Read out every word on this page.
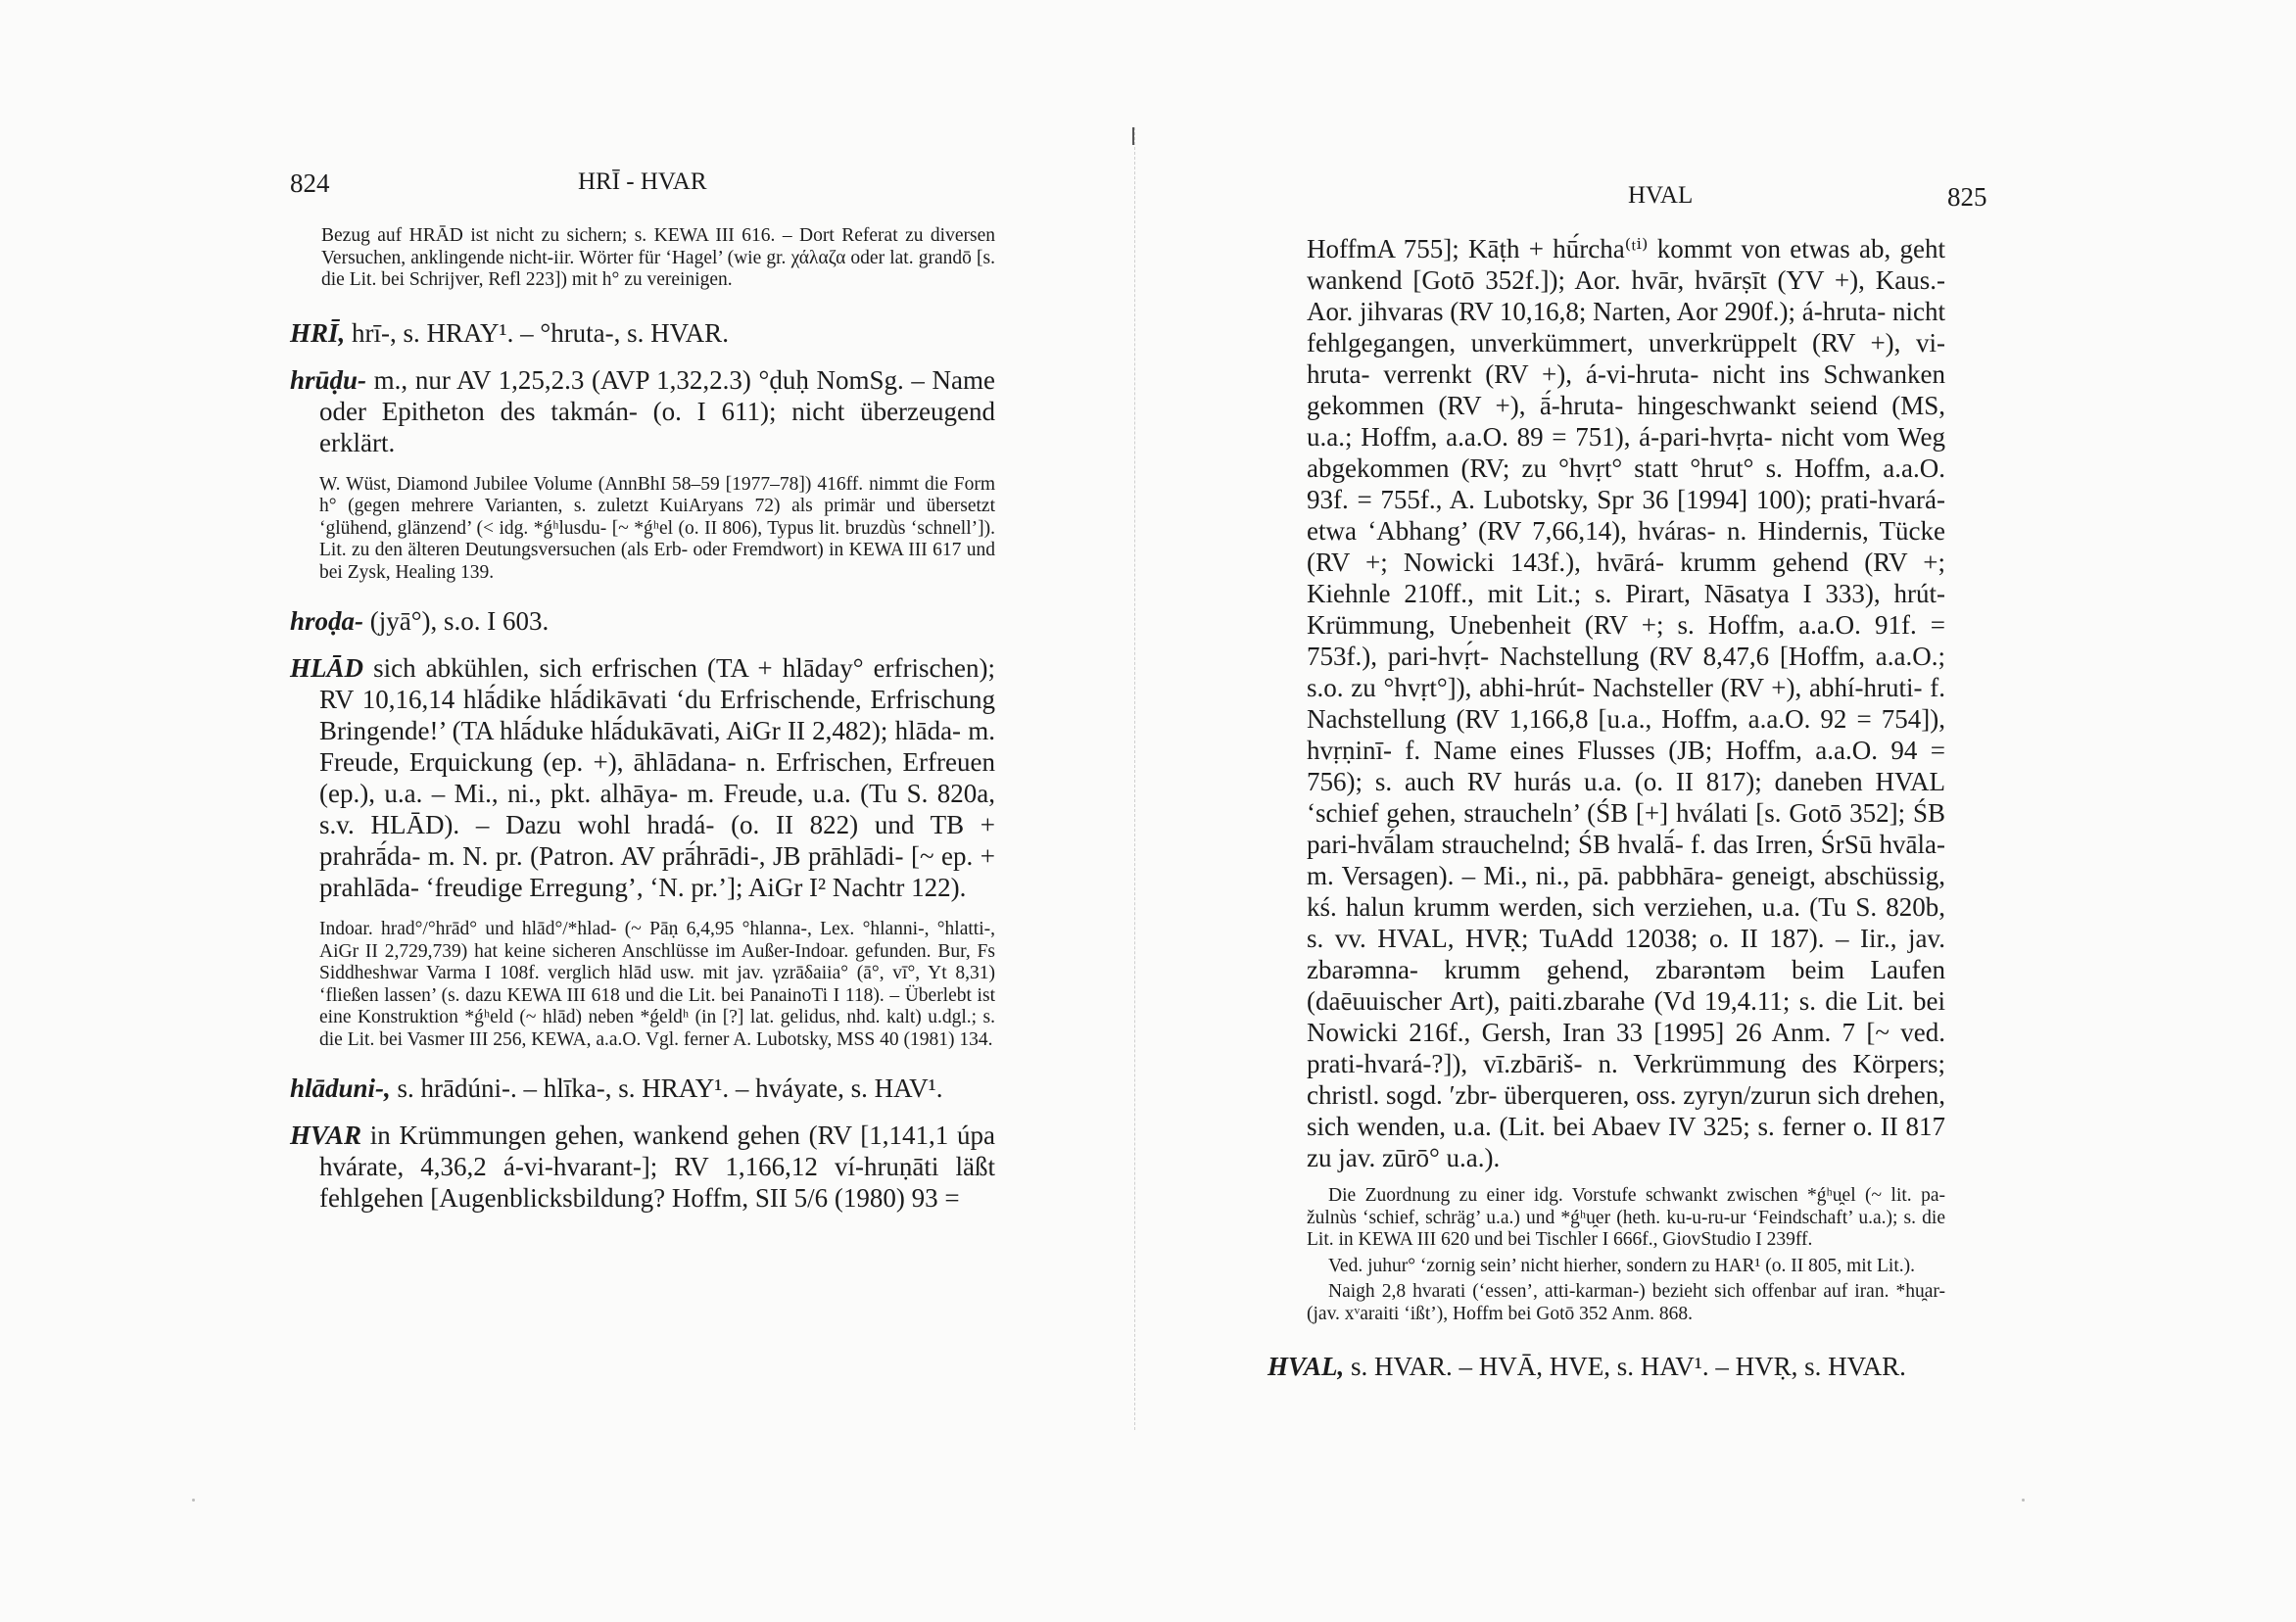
824	HRĪ - HVAR

Bezug auf HRĀD ist nicht zu sichern; s. KEWA III 616. – Dort Referat zu diversen Versuchen, anklingende nicht-iir. Wörter für ‘Hagel’ (wie gr. χάλαζα oder lat. grandō [s. die Lit. bei Schrijver, Refl 223]) mit h° zu vereinigen.

HRĪ, hrī-, s. HRAY¹. – °hruta-, s. HVAR.

hrūḍu- m., nur AV 1,25,2.3 (AVP 1,32,2.3) °ḍuḥ NomSg. – Name oder Epitheton des takmán- (o. I 611); nicht überzeugend erklärt.

W. Wüst, Diamond Jubilee Volume (AnnBhI 58–59 [1977–78]) 416ff. nimmt die Form h° (gegen mehrere Varianten, s. zuletzt KuiAryans 72) als primär und übersetzt ‘glühend, glänzend’ (< idg. *ǵʰlusdu- [~ *ǵʰel (o. II 806), Typus lit. bruzdùs ‘schnell’]). Lit. zu den älteren Deutungsversuchen (als Erb- oder Fremdwort) in KEWA III 617 und bei Zysk, Healing 139.

hroḍa- (jyā°), s.o. I 603.

HLĀD sich abkühlen, sich erfrischen (TA + hlāday° erfrischen); RV 10,16,14 hlā́dike hlā́dikāvati ‘du Erfrischende, Erfrischung Bringende!’ (TA hlā́duke hlā́dukāvati, AiGr II 2,482); hlāda- m. Freude, Erquickung (ep. +), āhlādana- n. Erfrischen, Erfreuen (ep.), u.a. – Mi., ni., pkt. alhāya- m. Freude, u.a. (Tu S. 820a, s.v. HLĀD). – Dazu wohl hradá- (o. II 822) und TB + prahrā́da- m. N. pr. (Patron. AV prā́hrādi-, JB prāhlādi- [~ ep. + prahlāda- ‘freudige Erregung’, ‘N. pr.’]; AiGr I² Nachtr 122).

Indoar. hrad°/°hrād° und hlād°/*hlad- (~ Pāṇ 6,4,95 °hlanna-, Lex. °hlanni-, °hlatti-, AiGr II 2,729,739) hat keine sicheren Anschlüsse im Außer-Indoar. gefunden. Bur, Fs Siddheshwar Varma I 108f. verglich hlād usw. mit jav. γzrāδaiia° (ā°, vī°, Yt 8,31) ‘fließen lassen’ (s. dazu KEWA III 618 und die Lit. bei PanainoTi I 118). – Überlebt ist eine Konstruktion *ǵʰeld (~ hlād) neben *ǵeldʰ (in [?] lat. gelidus, nhd. kalt) u.dgl.; s. die Lit. bei Vasmer III 256, KEWA, a.a.O. Vgl. ferner A. Lubotsky, MSS 40 (1981) 134.

hlāduni-, s. hrādúni-. – hlīka-, s. HRAY¹. – hváyate, s. HAV¹.

HVAR in Krümmungen gehen, wankend gehen (RV [1,141,1 úpa hvárate, 4,36,2 á-vi-hvarant-]; RV 1,166,12 ví-hruṇāti läßt fehlgehen [Augenblicksbildung? Hoffm, SII 5/6 (1980) 93 =

HVAL	825

HoffmA 755]; Kāṭh + hū́rcha⁽ᵗⁱ⁾ kommt von etwas ab, geht wankend [Gotō 352f.]); Aor. hvār, hvārṣīt (YV +), Kaus.-Aor. jihvaras (RV 10,16,8; Narten, Aor 290f.); á-hruta- nicht fehlgegangen, unverkümmert, unverkrüppelt (RV +), vi-hruta- verrenkt (RV +), á-vi-hruta- nicht ins Schwanken gekommen (RV +), ā́-hruta- hingeschwankt seiend (MS, u.a.; Hoffm, a.a.O. 89 = 751), á-pari-hvṛta- nicht vom Weg abgekommen (RV; zu °hvṛt° statt °hrut° s. Hoffm, a.a.O. 93f. = 755f., A. Lubotsky, Spr 36 [1994] 100); prati-hvará- etwa ‘Abhang’ (RV 7,66,14), hváras- n. Hindernis, Tücke (RV +; Nowicki 143f.), hvārá- krumm gehend (RV +; Kiehnle 210ff., mit Lit.; s. Pirart, Nāsatya I 333), hrút- Krümmung, Unebenheit (RV +; s. Hoffm, a.a.O. 91f. = 753f.), pari-hvṛ́t- Nachstellung (RV 8,47,6 [Hoffm, a.a.O.; s.o. zu °hvṛt°]), abhi-hrút- Nachsteller (RV +), abhí-hruti- f. Nachstellung (RV 1,166,8 [u.a., Hoffm, a.a.O. 92 = 754]), hvṛṇinī- f. Name eines Flusses (JB; Hoffm, a.a.O. 94 = 756); s. auch RV hurás u.a. (o. II 817); daneben HVAL ‘schief gehen, straucheln’ (ŚB [+] hválati [s. Gotō 352]; ŚB pari-hvā́lam strauchelnd; ŚB hvalā́- f. das Irren, ŚrSū hvāla- m. Versagen). – Mi., ni., pā. pabbhāra- geneigt, abschüssig, kś. halun krumm werden, sich verziehen, u.a. (Tu S. 820b, s. vv. HVAL, HVṚ; TuAdd 12038; o. II 187). – Iir., jav. zbarəmna- krumm gehend, zbarəntəm beim Laufen (daēuuischer Art), paiti.zbarahe (Vd 19,4.11; s. die Lit. bei Nowicki 216f., Gersh, Iran 33 [1995] 26 Anm. 7 [~ ved. prati-hvará-?]), vī.zbāriš- n. Verkrümmung des Körpers; christl. sogd. ′zbr- überqueren, oss. zyryn/zurun sich drehen, sich wenden, u.a. (Lit. bei Abaev IV 325; s. ferner o. II 817 zu jav. zūrō° u.a.).

Die Zuordnung zu einer idg. Vorstufe schwankt zwischen *ǵʰu̯el (~ lit. pa-žulnùs ‘schief, schräg’ u.a.) und *ǵʰu̯er (heth. ku-u-ru-ur ‘Feindschaft’ u.a.); s. die Lit. in KEWA III 620 und bei Tischler I 666f., GiovStudio I 239ff.

Ved. juhur° ‘zornig sein’ nicht hierher, sondern zu HAR¹ (o. II 805, mit Lit.).

Naigh 2,8 hvarati (‘essen’, atti-karman-) bezieht sich offenbar auf iran. *hu̯ar- (jav. xᵛaraiti ‘ißt’), Hoffm bei Gotō 352 Anm. 868.

HVAL, s. HVAR. – HVĀ, HVE, s. HAV¹. – HVṚ, s. HVAR.
